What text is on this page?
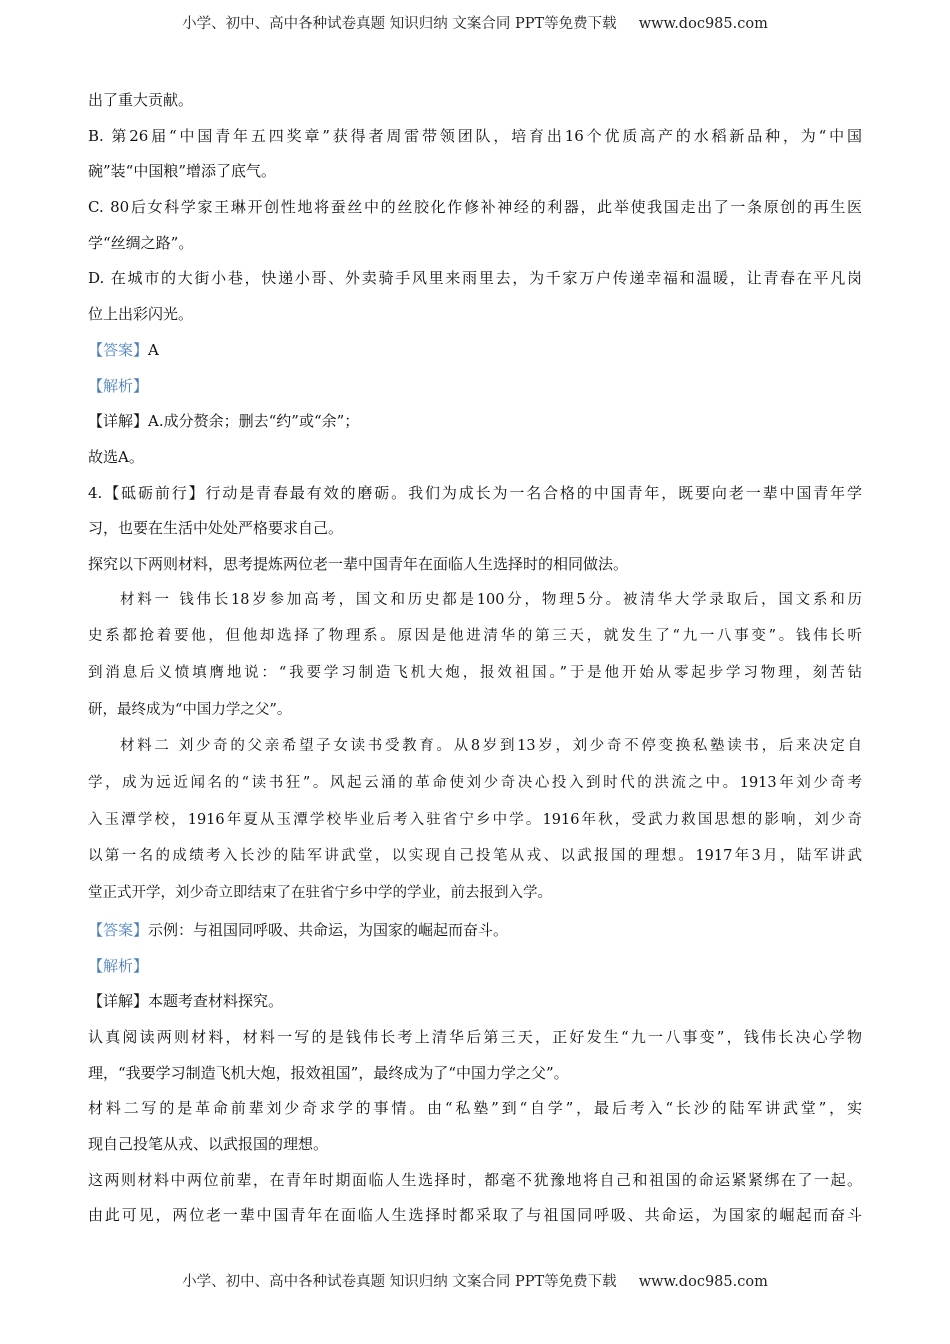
小学、初中、高中各种试卷真题 知识归纳 文案合同 PPT等免费下载 www.doc985.com
出了重大贡献。
B. 第26届“中国青年五四奖章”获得者周雷带领团队，培育出16个优质高产的水稻新品种，为“中国
碗”装“中国粮”增添了底气。
C. 80后女科学家王琳开创性地将蚕丝中的丝胶化作修补神经的利器，此举使我国走出了一条原创的再生医
学“丝绸之路”。
D. 在城市的大街小巷，快递小哥、外卖骑手风里来雨里去，为千家万户传递幸福和温暖，让青春在平凡岗
位上出彩闪光。
【答案】A
【解析】
【详解】A.成分赘余；删去“约”或“余”；
故选A。
4.【砥砺前行】行动是青春最有效的磨砺。我们为成长为一名合格的中国青年，既要向老一辈中国青年学
习，也要在生活中处处严格要求自己。
探究以下两则材料，思考提炼两位老一辈中国青年在面临人生选择时的相同做法。
材料一 钱伟长18岁参加高考，国文和历史都是100分，物理5分。被清华大学录取后，国文系和历
史系都抢着要他，但他却选择了物理系。原因是他进清华的第三天，就发生了“九一八事变”。钱伟长听
到消息后义愤填膺地说：“我要学习制造飞机大炮，报效祖国。”于是他开始从零起步学习物理，刻苦钻
研，最终成为“中国力学之父”。
材料二 刘少奇的父亲希望子女读书受教育。从8岁到13岁，刘少奇不停变换私塾读书，后来决定自
学，成为远近闻名的“读书狂”。风起云涌的革命使刘少奇决心投入到时代的洪流之中。1913年刘少奇考
入玉潭学校，1916年夏从玉潭学校毕业后考入驻省宁乡中学。1916年秋，受武力救国思想的影响，刘少奇
以第一名的成绩考入长沙的陆军讲武堂，以实现自己投笔从戎、以武报国的理想。1917年3月，陆军讲武
堂正式开学，刘少奇立即结束了在驻省宁乡中学的学业，前去报到入学。
【答案】示例：与祖国同呼吸、共命运，为国家的崛起而奋斗。
【解析】
【详解】本题考查材料探究。
认真阅读两则材料，材料一写的是钱伟长考上清华后第三天，正好发生“九一八事变”，钱伟长决心学物
理，“我要学习制造飞机大炮，报效祖国”，最终成为了“中国力学之父”。
材料二写的是革命前辈刘少奇求学的事情。由“私塾”到“自学”，最后考入“长沙的陆军讲武堂”，实
现自己投笔从戎、以武报国的理想。
这两则材料中两位前辈，在青年时期面临人生选择时，都毫不犹豫地将自己和祖国的命运紧紧绑在了一起。
由此可见，两位老一辈中国青年在面临人生选择时都采取了与祖国同呼吸、共命运，为国家的崛起而奋斗
小学、初中、高中各种试卷真题 知识归纳 文案合同 PPT等免费下载 www.doc985.com
